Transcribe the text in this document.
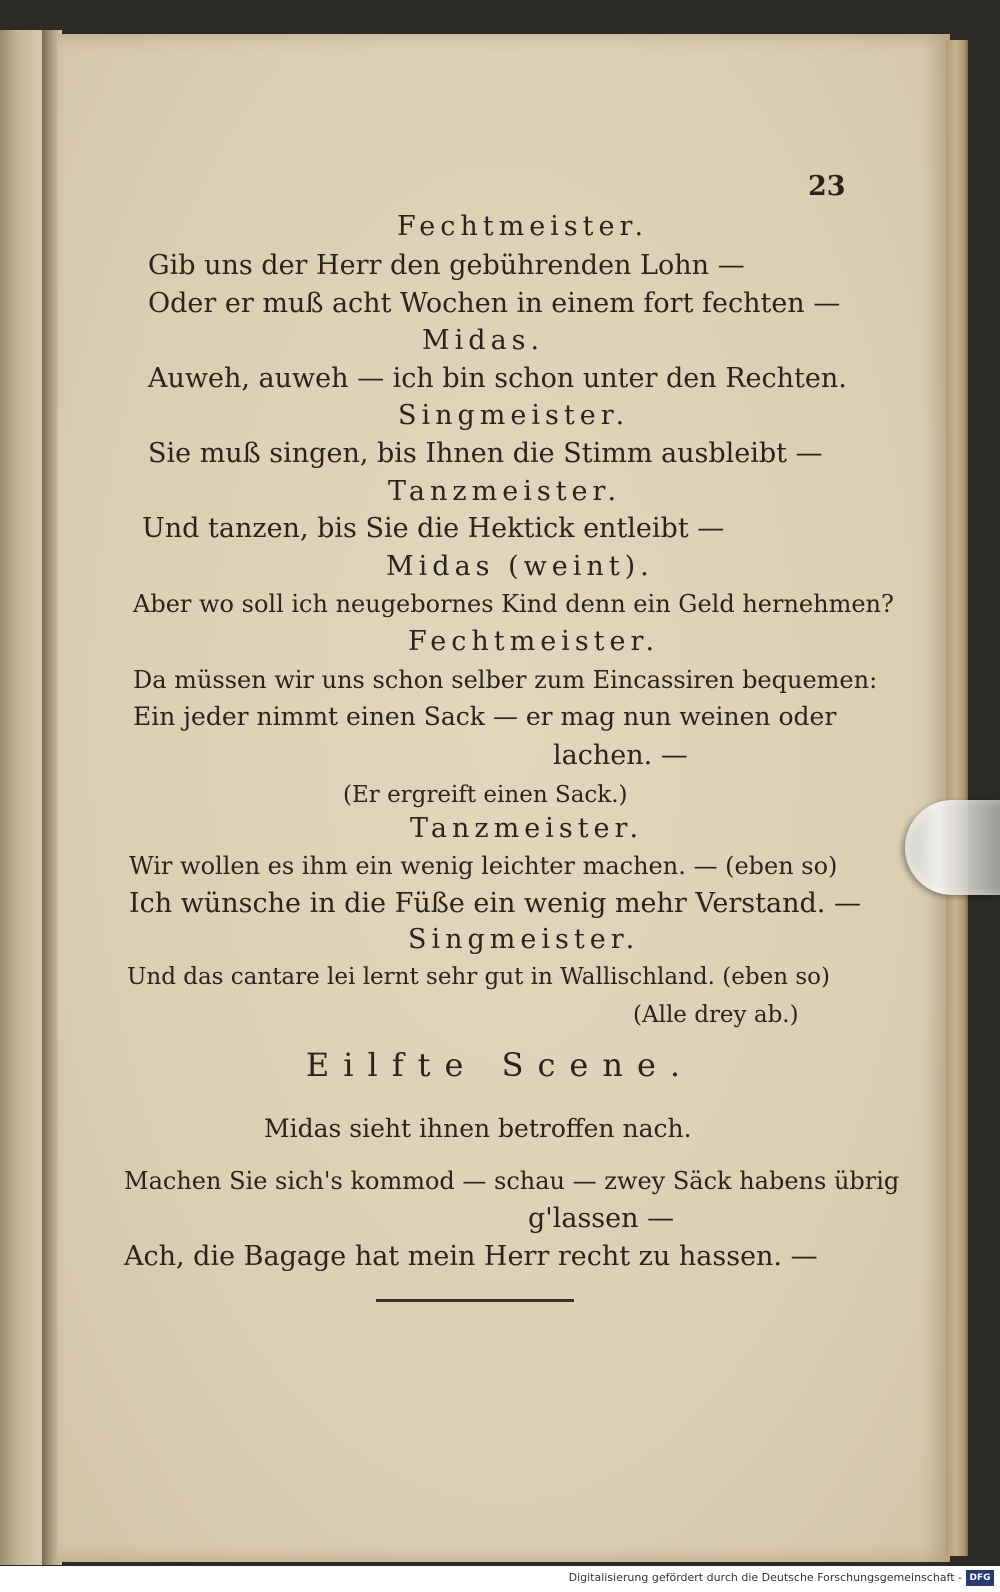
23
Fechtmeister.
Gib uns der Herr den gebührenden Lohn —
Oder er muß acht Wochen in einem fort fechten —
Midas.
Auweh, auweh — ich bin schon unter den Rechten.
Singmeister.
Sie muß singen, bis Ihnen die Stimm ausbleibt —
Tanzmeister.
Und tanzen, bis Sie die Hektick entleibt —
Midas (weint).
Aber wo soll ich neugebornes Kind denn ein Geld hernehmen?
Fechtmeister.
Da müssen wir uns schon selber zum Eincassiren bequemen:
Ein jeder nimmt einen Sack — er mag nun weinen oder
lachen. —
(Er ergreift einen Sack.)
Tanzmeister.
Wir wollen es ihm ein wenig leichter machen. — (eben so)
Ich wünsche in die Füße ein wenig mehr Verstand. —
Singmeister.
Und das cantare lei lernt sehr gut in Wallischland. (eben so)
(Alle drey ab.)
Eilfte Scene.
Midas sieht ihnen betroffen nach.
Machen Sie sich's kommod — schau — zwey Säck habens übrig
g'lassen —
Ach, die Bagage hat mein Herr recht zu hassen. —
Digitalisierung gefördert durch die Deutsche Forschungsgemeinschaft - DFG
